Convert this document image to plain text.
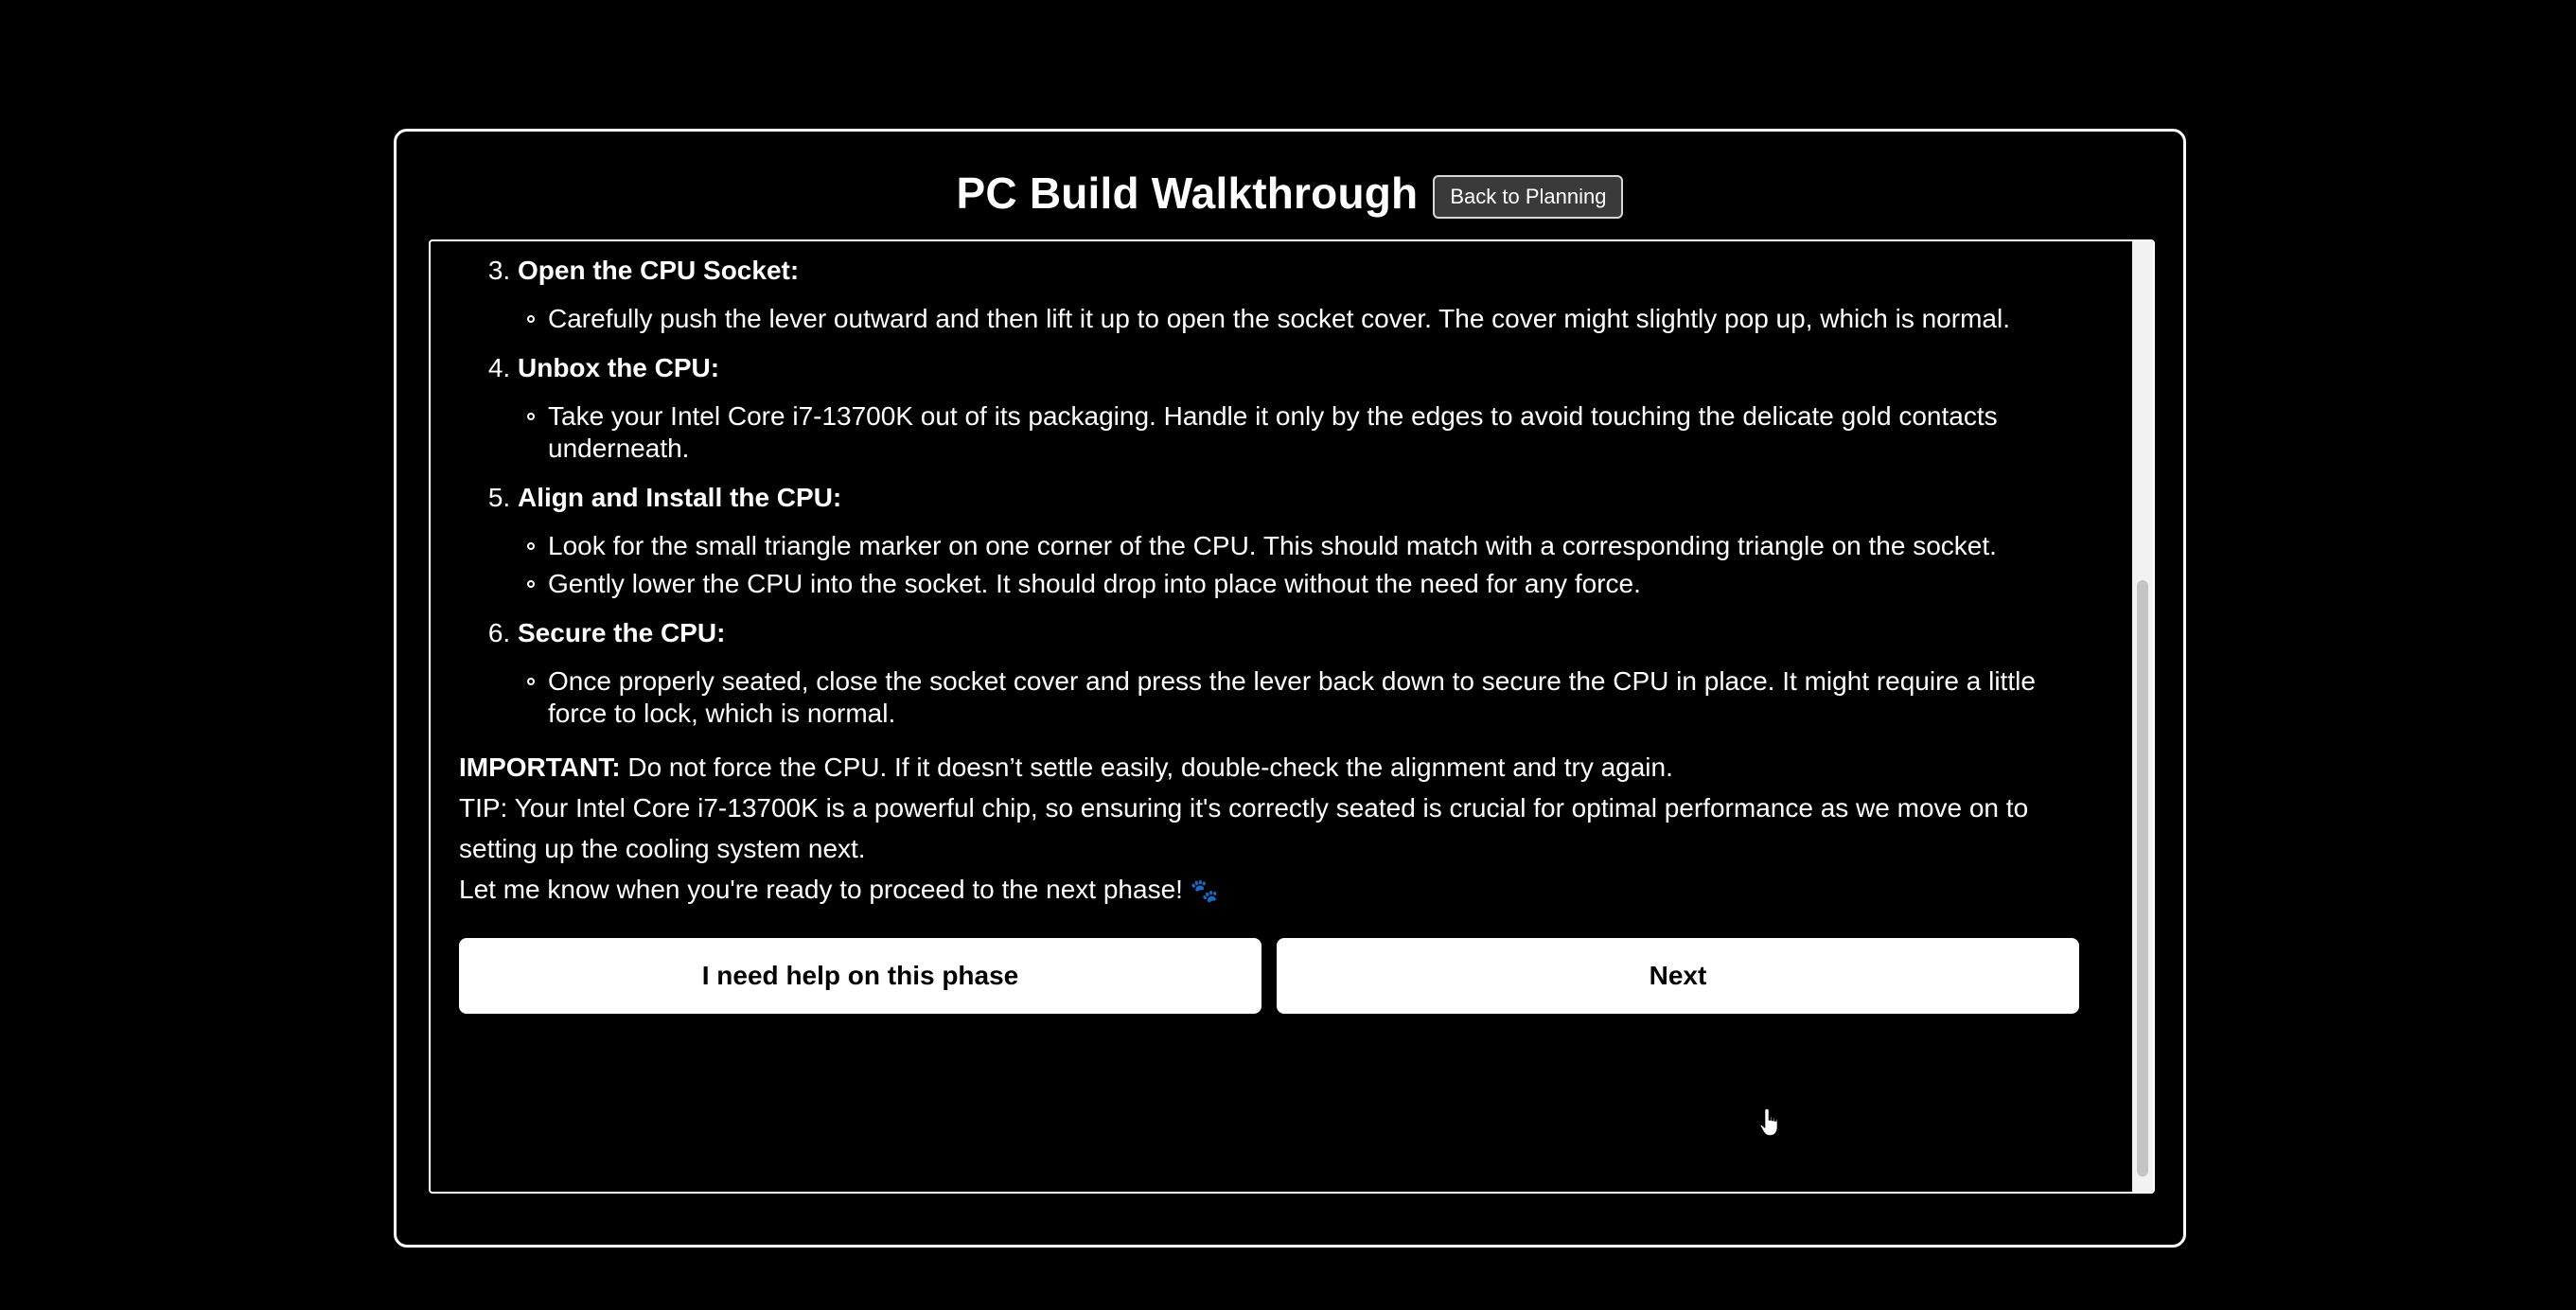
PC Build Walkthrough	Back to Planning
3. Open the CPU Socket:
Carefully push the lever outward and then lift it up to open the socket cover. The cover might slightly pop up, which is normal.
4. Unbox the CPU:
Take your Intel Core i7-13700K out of its packaging. Handle it only by the edges to avoid touching the delicate gold contacts underneath.
5. Align and Install the CPU:
Look for the small triangle marker on one corner of the CPU. This should match with a corresponding triangle on the socket.
Gently lower the CPU into the socket. It should drop into place without the need for any force.
6. Secure the CPU:
Once properly seated, close the socket cover and press the lever back down to secure the CPU in place. It might require a little force to lock, which is normal.

IMPORTANT: Do not force the CPU. If it doesn’t settle easily, double-check the alignment and try again.

TIP: Your Intel Core i7-13700K is a powerful chip, so ensuring it's correctly seated is crucial for optimal performance as we move on to setting up the cooling system next.

Let me know when you're ready to proceed to the next phase! 🐾

I need help on this phase	Next
